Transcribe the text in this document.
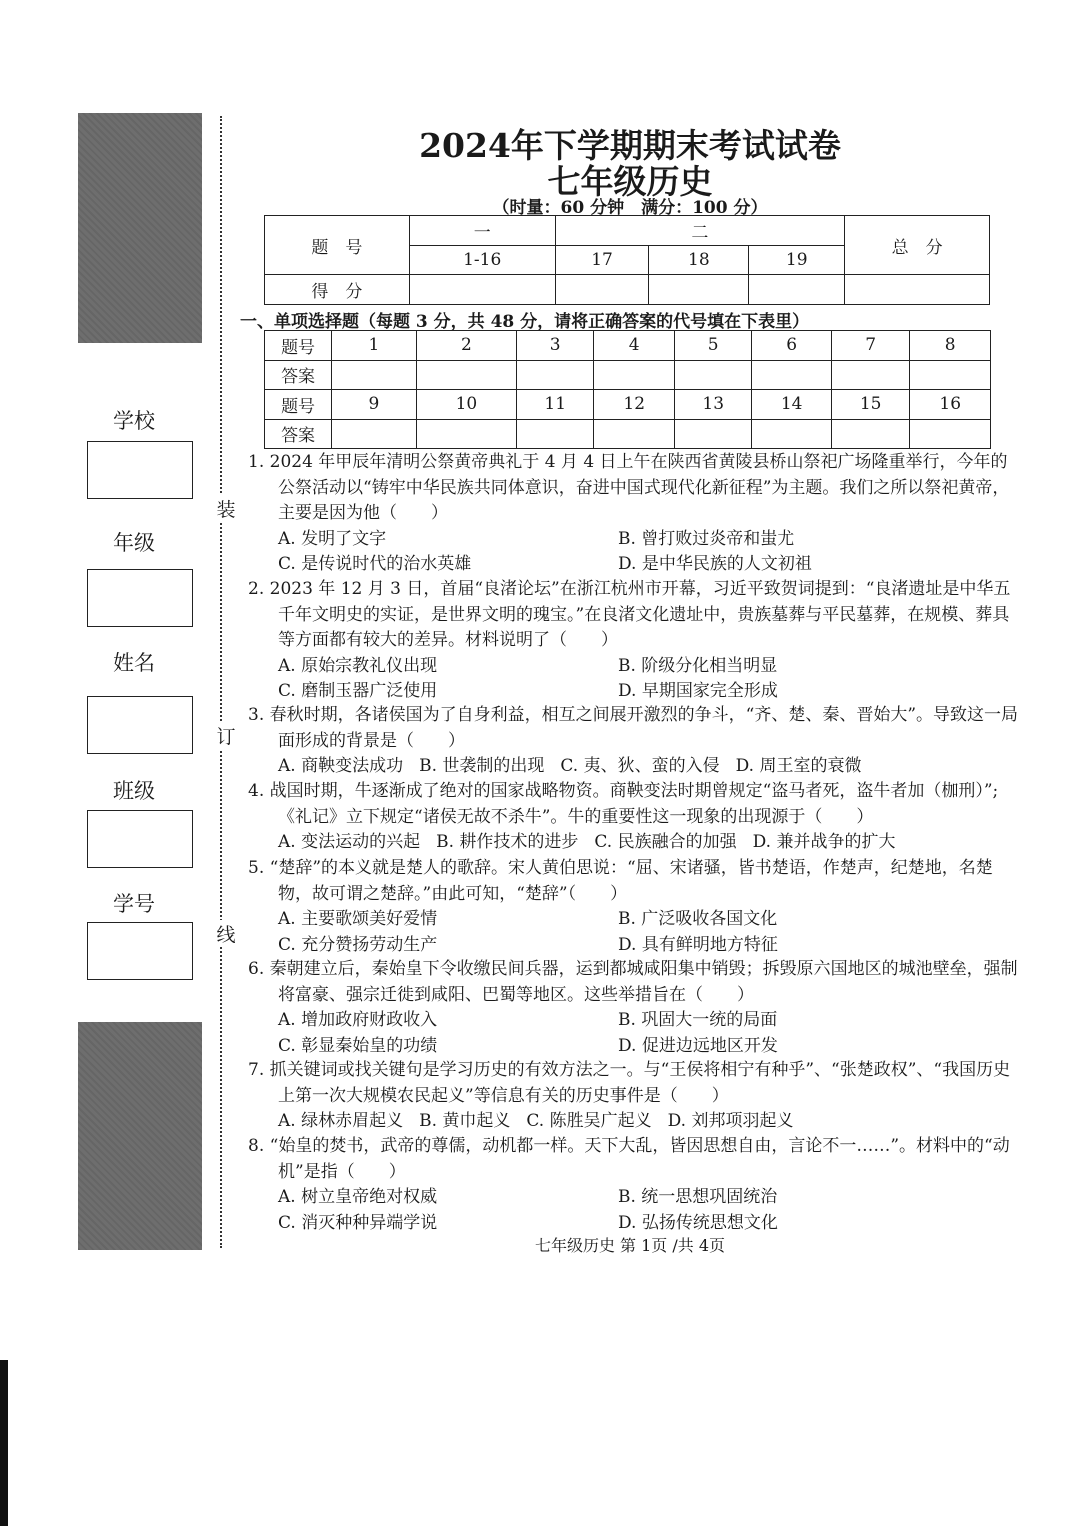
学校
年级
姓名
班级
学号
装
订
线
2024年下学期期末考试试卷
七年级历史
（时量：60 分钟　满分：100 分）
题　号	一	二			总　分
	1-16	17	18	19	
得　分					
一、单项选择题（每题 3 分，共 48 分，请将正确答案的代号填在下表里）
题号	1	2	3	4	5	6	7	8
答案								
题号	9	10	11	12	13	14	15	16
答案								
1. 2024 年甲辰年清明公祭黄帝典礼于 4 月 4 日上午在陕西省黄陵县桥山祭祀广场隆重举行，今年的公祭活动以“铸牢中华民族共同体意识，奋进中国式现代化新征程”为主题。我们之所以祭祀黄帝，主要是因为他（　　）
A. 发明了文字	B. 曾打败过炎帝和蚩尤
C. 是传说时代的治水英雄	D. 是中华民族的人文初祖
2. 2023 年 12 月 3 日，首届“良渚论坛”在浙江杭州市开幕，习近平致贺词提到：“良渚遗址是中华五千年文明史的实证，是世界文明的瑰宝。”在良渚文化遗址中，贵族墓葬与平民墓葬，在规模、葬具等方面都有较大的差异。材料说明了（　　）
A. 原始宗教礼仪出现	B. 阶级分化相当明显
C. 磨制玉器广泛使用	D. 早期国家完全形成
3. 春秋时期，各诸侯国为了自身利益，相互之间展开激烈的争斗，“齐、楚、秦、晋始大”。导致这一局面形成的背景是（　　）
A. 商鞅变法成功 B. 世袭制的出现 C. 夷、狄、蛮的入侵 D. 周王室的衰微
4. 战国时期，牛逐渐成了绝对的国家战略物资。商鞅变法时期曾规定“盗马者死，盗牛者加（枷刑）”;《礼记》立下规定“诸侯无故不杀牛”。牛的重要性这一现象的出现源于（　　）
A. 变法运动的兴起 B. 耕作技术的进步 C. 民族融合的加强 D. 兼并战争的扩大
5. “楚辞”的本义就是楚人的歌辞。宋人黄伯思说：“屈、宋诸骚，皆书楚语，作楚声，纪楚地，名楚物，故可谓之楚辞。”由此可知，“楚辞”（　　）
A. 主要歌颂美好爱情	B. 广泛吸收各国文化
C. 充分赞扬劳动生产	D. 具有鲜明地方特征
6. 秦朝建立后，秦始皇下令收缴民间兵器，运到都城咸阳集中销毁；拆毁原六国地区的城池壁垒，强制将富豪、强宗迁徙到咸阳、巴蜀等地区。这些举措旨在（　　）
A. 增加政府财政收入	B. 巩固大一统的局面
C. 彰显秦始皇的功绩	D. 促进边远地区开发
7. 抓关键词或找关键句是学习历史的有效方法之一。与“王侯将相宁有种乎”、“张楚政权”、“我国历史上第一次大规模农民起义”等信息有关的历史事件是（　　）
A. 绿林赤眉起义 B. 黄巾起义 C. 陈胜吴广起义 D. 刘邦项羽起义
8. “始皇的焚书，武帝的尊儒，动机都一样。天下大乱，皆因思想自由，言论不一……”。材料中的“动机”是指（　　）
A. 树立皇帝绝对权威	B. 统一思想巩固统治
C. 消灭种种异端学说	D. 弘扬传统思想文化
七年级历史 第 1页 /共 4页
